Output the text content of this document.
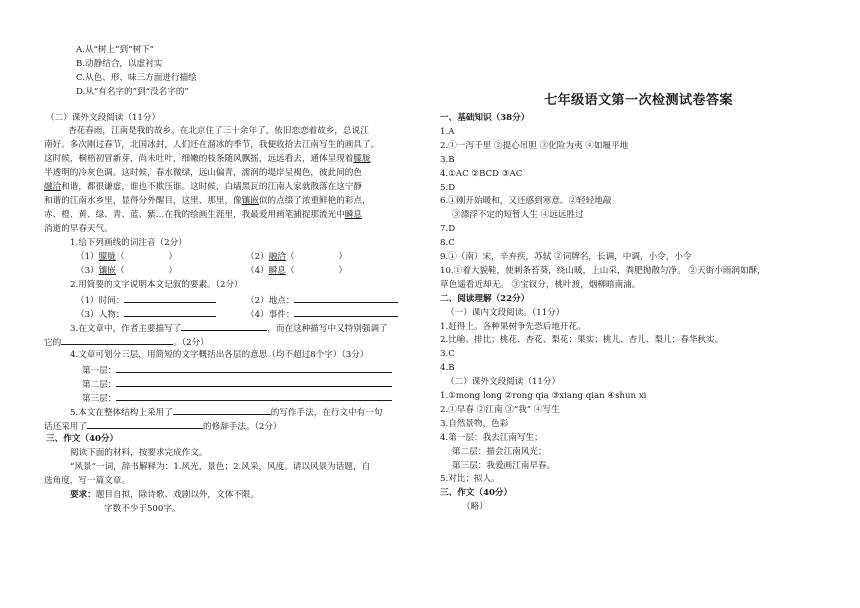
A.从“树上”到“树下”
B.动静结合，以虚衬实
C.从色、形、味三方面进行描绘
D.从“有名字的”到“没名字的”
（二）课外文段阅读（11分）
杏花春雨，江南是我的故乡。在北京住了三十余年了，依旧恋恋着故乡，总说江
南好。多次刚过春节，北国冰封，人们还在溜冰的季节，我便收拾去江南写生的画具了。
这时候，桐梧初冒新芽，尚未吐叶，细嫩的枝条随风飘摇，远远看去，通体呈现着朦胧
半透明的冷灰色调。这时候，春水微绿，远山偏青，濡润的堤岸呈褐色，彼此间的色
融洽和谐，都很谦虚，谁也不欺压谁。这时候，白墙黑瓦的江南人家就散落在这宁静
和谐的江南水乡里，显得分外醒目，这里、那里，像镶嵌似的点缀了浓重鲜艳的彩点，
赤、橙、黄、绿、青、蓝、紫…在我的绘画生涯里，我最爱用画笔捕捉那流光中瞬息
消逝的早春天气。
1.给下列画线的词注音（2分）
（1）朦胧（	）	（2）融洽（	）
（3）镶嵌（	）	（4）瞬息（	）
2.用简要的文字说明本文记叙的要素。（2分）
（1）时间：	（2）地点：
（3）人物：	（4）事件：
3.在文章中，作者主要描写了	，而在这种描写中又特别强调了
它的	。（2分）
4.文章可划分三层，用简短的文字概括出各层的意思（均不超过8个字）（3分）
第一层：
第二层：
第三层：
5.本文在整体结构上采用了	的写作手法，在行文中有一句
话还采用了	的修辞手法。（2分）
三、作文（40分）
阅读下面的材料，按要求完成作文。
“风景”一词，辞书解释为：1.风光，景色；2.风采，风度。请以风景为话题，自
选角度，写一篇文章。
要求：题目自拟，除诗歌、戏剧以外，文体不限。
字数不少于500字。
七年级语文第一次检测试卷答案
一、基础知识（38分）
1.A
2.①一泻千里 ②提心吊胆 ③化险为夷 ④如履平地
3.B
4.①AC ②BCD ③AC
5.D
6.①刚开始暖和，又还感到寒意。②轻轻地敲
③漂浮不定的短暂人生 ④远远胜过
7.D
8.C
9.①（南）宋，辛弃疾，苏轼 ②词牌名，长调，中调，小令，小令
10.①着大貌鞋，使刺条苔葵，绕山暖，上山采，粪肥抛散匀净。 ②天街小雨润如酥，
草色遥看近却无。 ③宝钗分，桃叶渡，烟柳暗南浦。
二、阅读理解（22分）
（一）课内文段阅读。（11分）
1.赶得上。各种果树争先恐后地开花。
2.比喻、排比；桃花、杏花、梨花；果实；桃儿、杏儿、梨儿；春华秋实。
3.C
4.B
（二）课外文段阅读（11分）
1.①mong long ②rong qia ③xiang qian ④shun xi
2.①早春 ②江南 ③“我” ④写生
3.自然景物，色彩
4.第一层：我去江南写生；
第二层：描会江南风光；
第三层：我爱画江南早春。
5.对比；拟人。
三、作文（40分）
（略）
